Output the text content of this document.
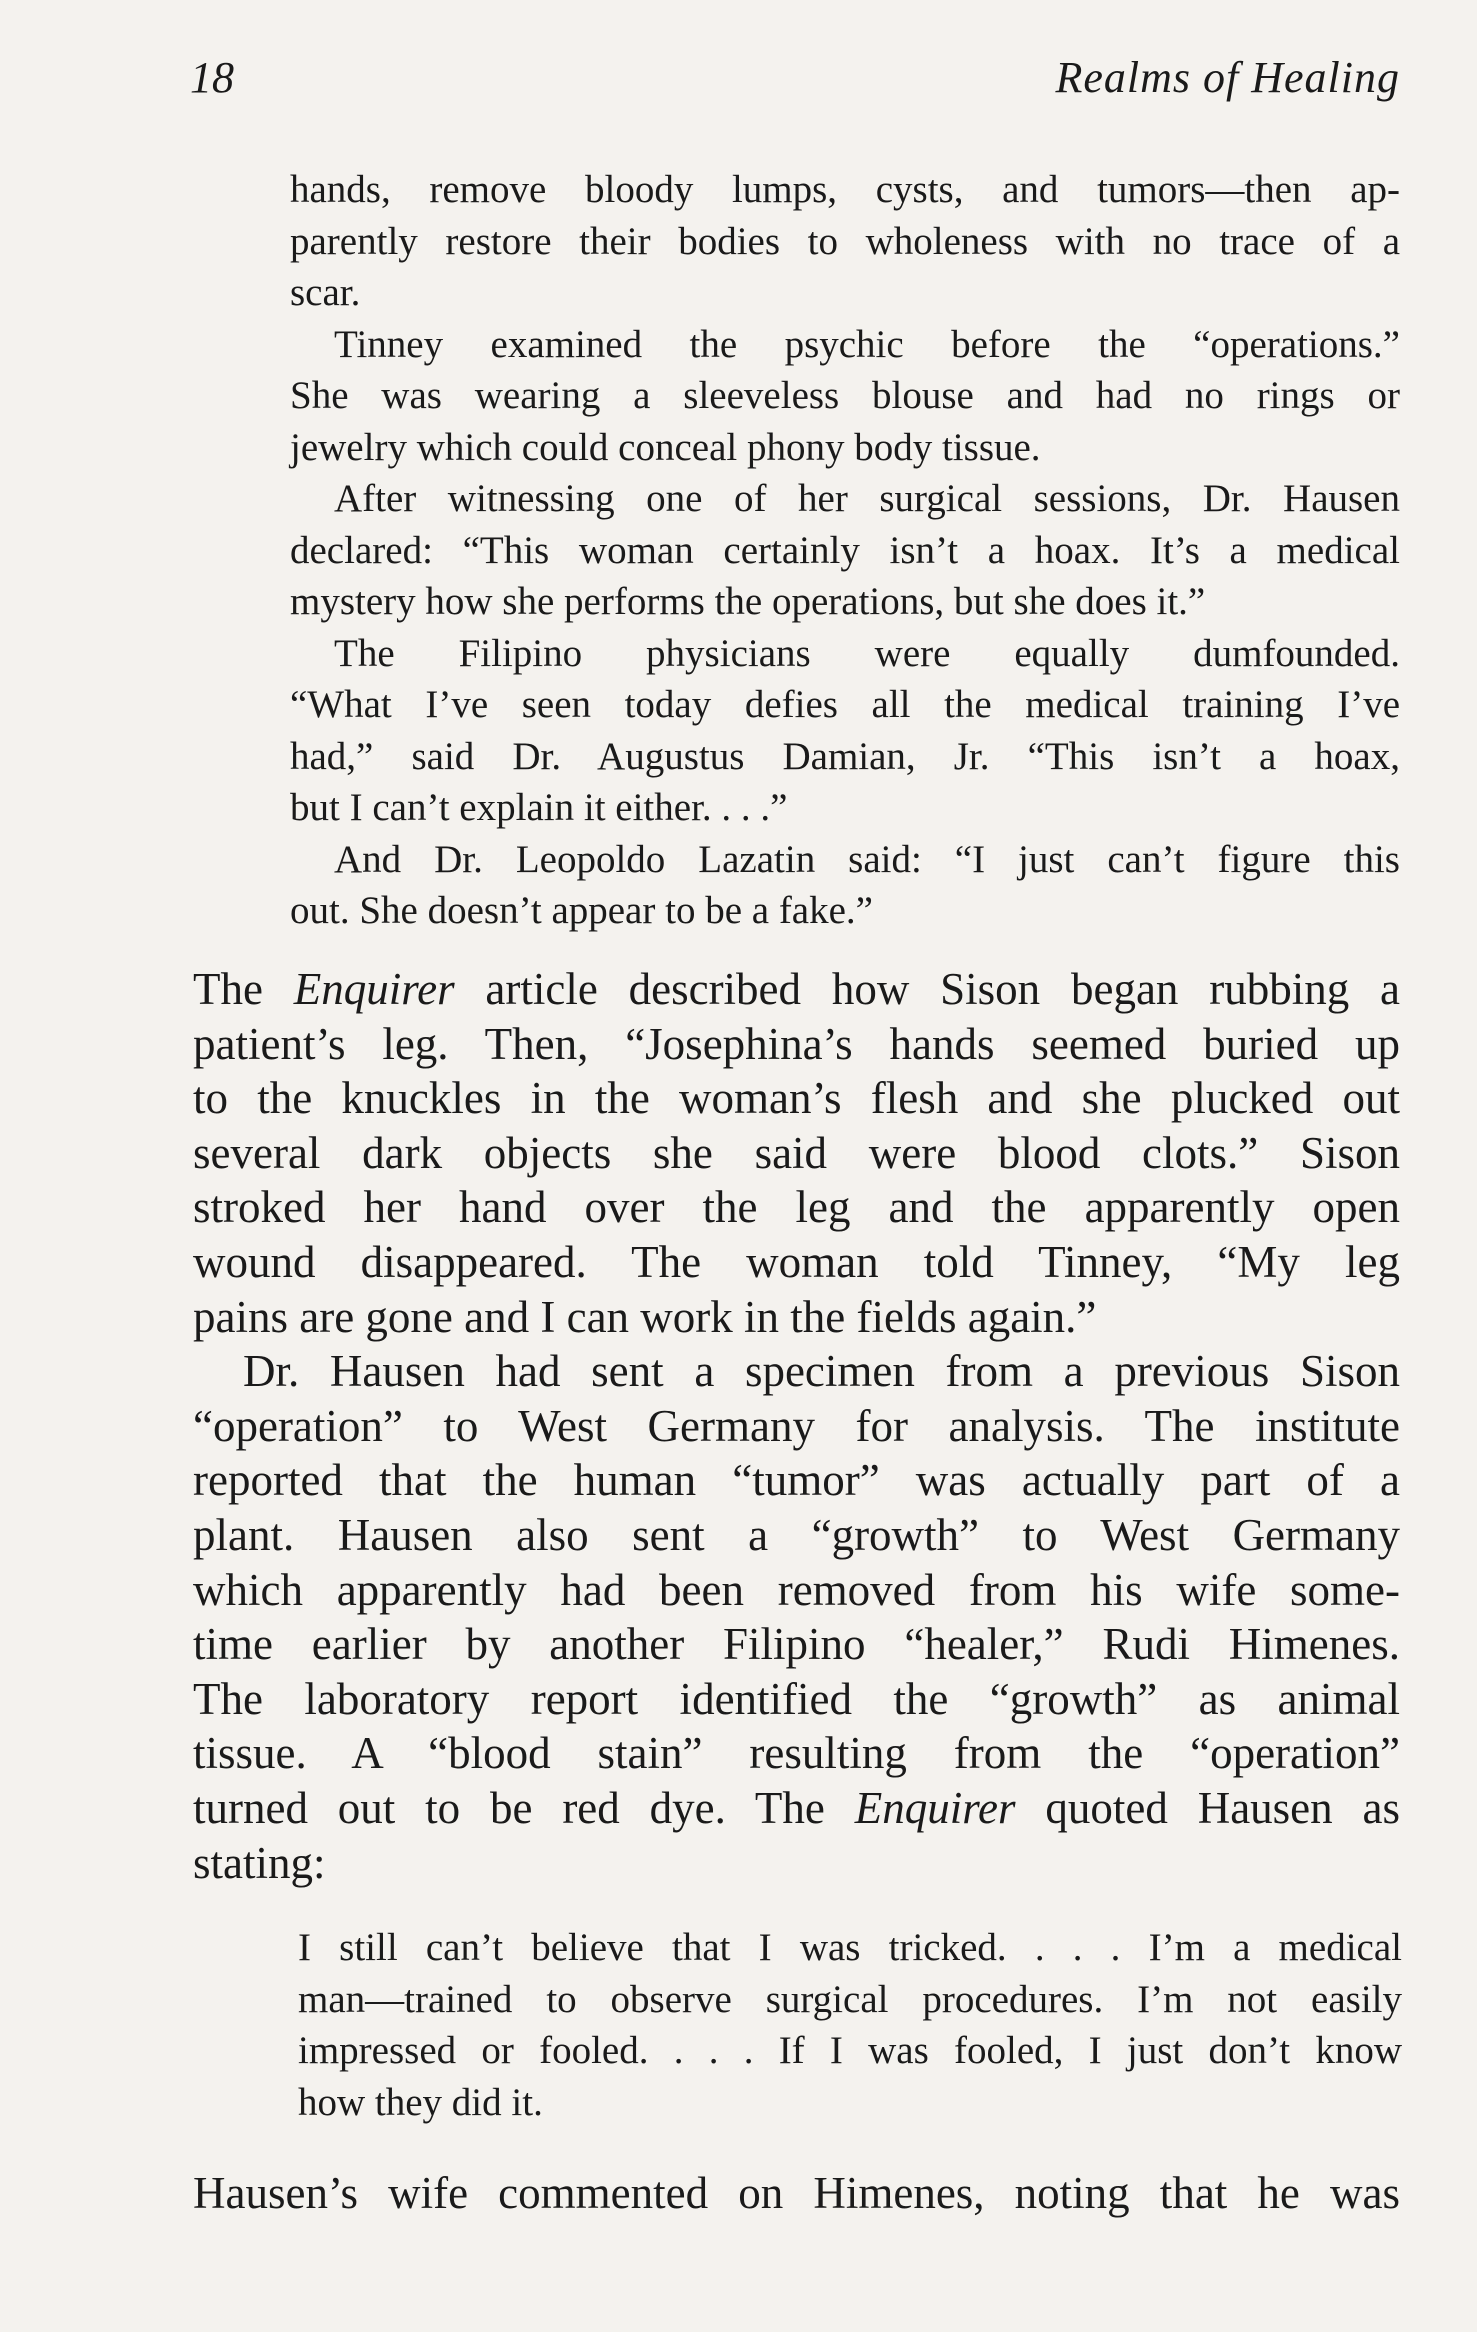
18	Realms of Healing
hands, remove bloody lumps, cysts, and tumors—then ap-
parently restore their bodies to wholeness with no trace of a
scar.
Tinney examined the psychic before the “operations.”
She was wearing a sleeveless blouse and had no rings or
jewelry which could conceal phony body tissue.
After witnessing one of her surgical sessions, Dr. Hausen
declared: “This woman certainly isn’t a hoax. It’s a medical
mystery how she performs the operations, but she does it.”
The Filipino physicians were equally dumfounded.
“What I’ve seen today defies all the medical training I’ve
had,” said Dr. Augustus Damian, Jr. “This isn’t a hoax,
but I can’t explain it either. . . .”
And Dr. Leopoldo Lazatin said: “I just can’t figure this
out. She doesn’t appear to be a fake.”
The Enquirer article described how Sison began rubbing a
patient’s leg. Then, “Josephina’s hands seemed buried up
to the knuckles in the woman’s flesh and she plucked out
several dark objects she said were blood clots.” Sison
stroked her hand over the leg and the apparently open
wound disappeared. The woman told Tinney, “My leg
pains are gone and I can work in the fields again.”
Dr. Hausen had sent a specimen from a previous Sison
“operation” to West Germany for analysis. The institute
reported that the human “tumor” was actually part of a
plant. Hausen also sent a “growth” to West Germany
which apparently had been removed from his wife some-
time earlier by another Filipino “healer,” Rudi Himenes.
The laboratory report identified the “growth” as animal
tissue. A “blood stain” resulting from the “operation”
turned out to be red dye. The Enquirer quoted Hausen as
stating:
I still can’t believe that I was tricked. . . . I’m a medical
man—trained to observe surgical procedures. I’m not easily
impressed or fooled. . . . If I was fooled, I just don’t know
how they did it.
Hausen’s wife commented on Himenes, noting that he was
